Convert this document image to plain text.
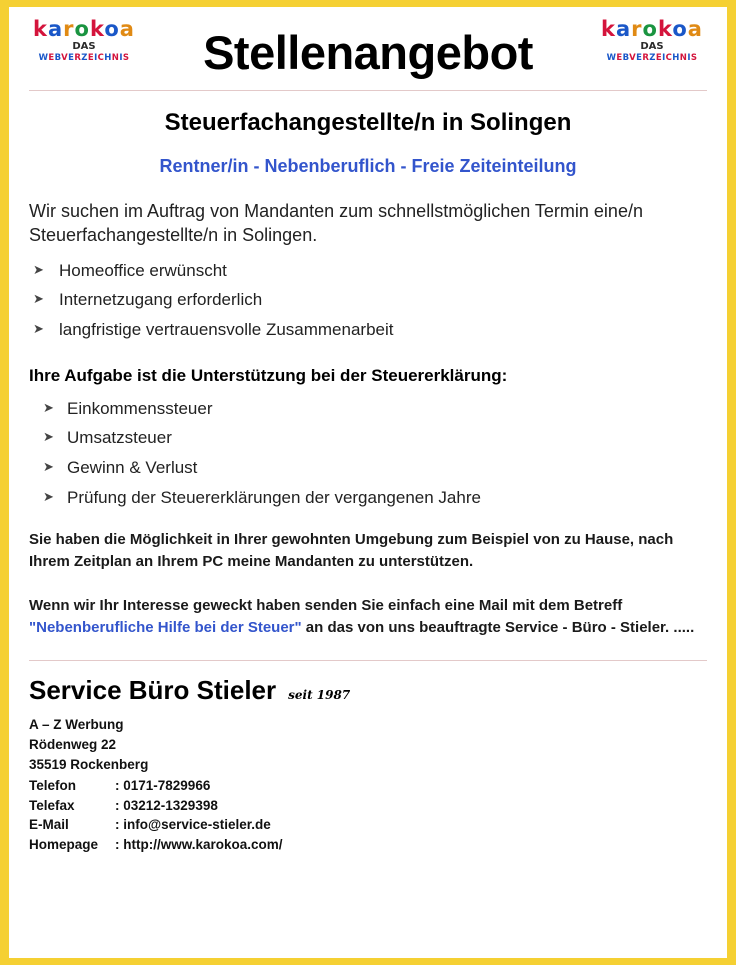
karokoa
DAS
WEBVERZEICHNIS	Stellenangebot	karokoa
DAS
WEBVERZEICHNIS
Steuerfachangestellte/n in Solingen
Rentner/in - Nebenberuflich - Freie Zeiteinteilung
Wir suchen im Auftrag von Mandanten zum schnellstmöglichen Termin eine/n Steuerfachangestellte/n in Solingen.
➤ Homeoffice erwünscht
➤ Internetzugang erforderlich
➤ langfristige vertrauensvolle Zusammenarbeit
Ihre Aufgabe ist die Unterstützung bei der Steuererklärung:
➤ Einkommenssteuer
➤ Umsatzsteuer
➤ Gewinn & Verlust
➤ Prüfung der Steuererklärungen der vergangenen Jahre
Sie haben die Möglichkeit in Ihrer gewohnten Umgebung zum Beispiel von zu Hause, nach Ihrem Zeitplan an Ihrem PC meine Mandanten zu unterstützen.
Wenn wir Ihr Interesse geweckt haben senden Sie einfach eine Mail mit dem Betreff "Nebenberufliche Hilfe bei der Steuer" an das von uns beauftragte Service - Büro - Stieler. .....
Service Büro Stieler seit 1987
A – Z Werbung
Rödenweg 22
35519 Rockenberg
Telefon	: 0171-7829966
Telefax	: 03212-1329398
E-Mail	: info@service-stieler.de
Homepage	: http://www.karokoa.com/
